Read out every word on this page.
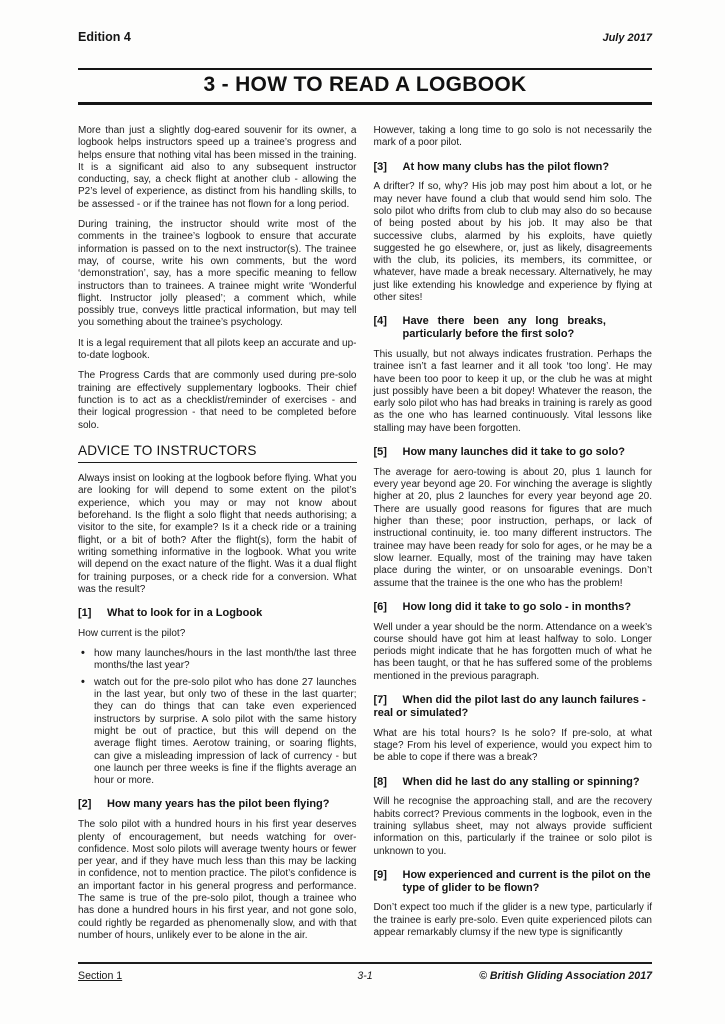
Edition 4	July 2017
3 - HOW TO READ A LOGBOOK

More than just a slightly dog-eared souvenir for its owner, a logbook helps instructors speed up a trainee’s progress and helps ensure that nothing vital has been missed in the training. It is a significant aid also to any subsequent instructor conducting, say, a check flight at another club - allowing the P2’s level of experience, as distinct from his handling skills, to be assessed - or if the trainee has not flown for a long period.

During training, the instructor should write most of the comments in the trainee’s logbook to ensure that accurate information is passed on to the next instructor(s). The trainee may, of course, write his own comments, but the word ‘demonstration’, say, has a more specific meaning to fellow instructors than to trainees. A trainee might write ‘Wonderful flight. Instructor jolly pleased’; a comment which, while possibly true, conveys little practical information, but may tell you something about the trainee’s psychology.

It is a legal requirement that all pilots keep an accurate and up-to-date logbook.

The Progress Cards that are commonly used during pre-solo training are effectively supplementary logbooks. Their chief function is to act as a checklist/reminder of exercises - and their logical progression - that need to be completed before solo.

ADVICE TO INSTRUCTORS

Always insist on looking at the logbook before flying. What you are looking for will depend to some extent on the pilot’s experience, which you may or may not know about beforehand. Is the flight a solo flight that needs authorising; a visitor to the site, for example? Is it a check ride or a training flight, or a bit of both? After the flight(s), form the habit of writing something informative in the logbook. What you write will depend on the exact nature of the flight. Was it a dual flight for training purposes, or a check ride for a conversion. What was the result?

[1]	What to look for in a Logbook

How current is the pilot?

• how many launches/hours in the last month/the last three months/the last year?
• watch out for the pre-solo pilot who has done 27 launches in the last year, but only two of these in the last quarter; they can do things that can take even experienced instructors by surprise. A solo pilot with the same history might be out of practice, but this will depend on the average flight times. Aerotow training, or soaring flights, can give a misleading impression of lack of currency - but one launch per three weeks is fine if the flights average an hour or more.
[2]	How many years has the pilot been flying?

The solo pilot with a hundred hours in his first year deserves plenty of encouragement, but needs watching for over-confidence. Most solo pilots will average twenty hours or fewer per year, and if they have much less than this may be lacking in confidence, not to mention practice. The pilot’s confidence is an important factor in his general progress and performance. The same is true of the pre-solo pilot, though a trainee who has done a hundred hours in his first year, and not gone solo, could rightly be regarded as phenomenally slow, and with that number of hours, unlikely ever to be alone in the air.

However, taking a long time to go solo is not necessarily the mark of a poor pilot.

[3]	At how many clubs has the pilot flown?

A drifter? If so, why? His job may post him about a lot, or he may never have found a club that would send him solo. The solo pilot who drifts from club to club may also do so because of being posted about by his job. It may also be that successive clubs, alarmed by his exploits, have quietly suggested he go elsewhere, or, just as likely, disagreements with the club, its policies, its members, its committee, or whatever, have made a break necessary. Alternatively, he may just like extending his knowledge and experience by flying at other sites!

[4]	Have there been any long breaks,
particularly before the first solo?

This usually, but not always indicates frustration. Perhaps the trainee isn’t a fast learner and it all took ‘too long’. He may have been too poor to keep it up, or the club he was at might just possibly have been a bit dopey! Whatever the reason, the early solo pilot who has had breaks in training is rarely as good as the one who has learned continuously. Vital lessons like stalling may have been forgotten.

[5]	How many launches did it take to go solo?

The average for aero-towing is about 20, plus 1 launch for every year beyond age 20. For winching the average is slightly higher at 20, plus 2 launches for every year beyond age 20. There are usually good reasons for figures that are much higher than these; poor instruction, perhaps, or lack of instructional continuity, ie. too many different instructors. The trainee may have been ready for solo for ages, or he may be a slow learner. Equally, most of the training may have taken place during the winter, or on unsoarable evenings. Don’t assume that the trainee is the one who has the problem!

[6]	How long did it take to go solo - in months?

Well under a year should be the norm. Attendance on a week’s course should have got him at least halfway to solo. Longer periods might indicate that he has forgotten much of what he has been taught, or that he has suffered some of the problems mentioned in the previous paragraph.

[7]	When did the pilot last do any launch failures -
real or simulated?

What are his total hours? Is he solo? If pre-solo, at what stage? From his level of experience, would you expect him to be able to cope if there was a break?

[8]	When did he last do any stalling or spinning?

Will he recognise the approaching stall, and are the recovery habits correct? Previous comments in the logbook, even in the training syllabus sheet, may not always provide sufficient information on this, particularly if the trainee or solo pilot is unknown to you.

[9]	How experienced and current is the pilot on the
type of glider to be flown?

Don’t expect too much if the glider is a new type, particularly if the trainee is early pre-solo. Even quite experienced pilots can appear remarkably clumsy if the new type is significantly

Section 1	3-1	© British Gliding Association 2017
